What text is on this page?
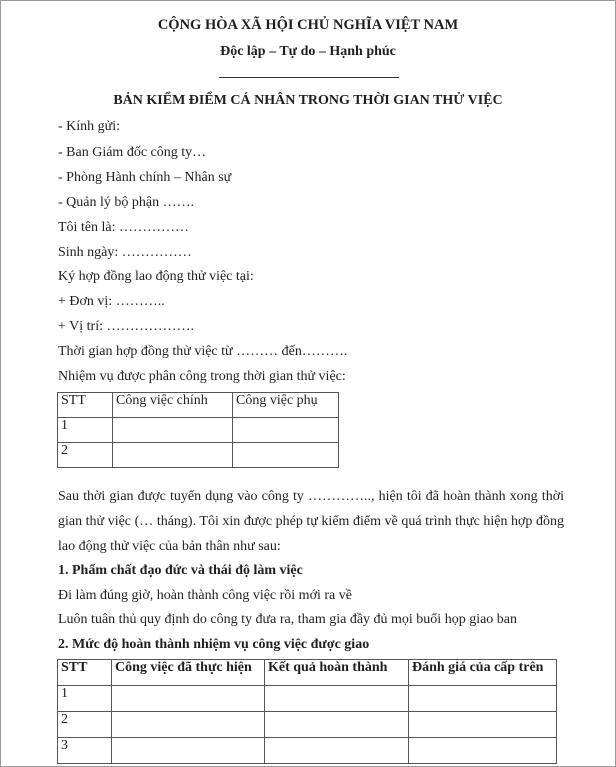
CỘNG HÒA XÃ HỘI CHỦ NGHĨA VIỆT NAM
Độc lập – Tự do – Hạnh phúc
BẢN KIỂM ĐIỂM CÁ NHÂN TRONG THỜI GIAN THỬ VIỆC
- Kính gửi:
- Ban Giám đốc công ty…
- Phòng Hành chính – Nhân sự
- Quản lý bộ phận …….
Tôi tên là: ……………
Sinh ngày: ……………
Ký hợp đồng lao động thử việc tại:
+ Đơn vị: ………..
+ Vị trí: ……………….
Thời gian hợp đồng thử việc từ ……… đến……….
Nhiệm vụ được phân công trong thời gian thử việc:
STT	Công việc chính	Công việc phụ
1		
2		
Sau thời gian được tuyển dụng vào công ty ………….., hiện tôi đã hoàn thành xong thời gian thử việc (… tháng). Tôi xin được phép tự kiểm điểm về quá trình thực hiện hợp đồng lao động thử việc của bản thân như sau:
1. Phẩm chất đạo đức và thái độ làm việc
Đi làm đúng giờ, hoàn thành công việc rồi mới ra về
Luôn tuân thủ quy định do công ty đưa ra, tham gia đầy đủ mọi buổi họp giao ban
2. Mức độ hoàn thành nhiệm vụ công việc được giao
STT	Công việc đã thực hiện	Kết quả hoàn thành	Đánh giá của cấp trên
1			
2			
3			
